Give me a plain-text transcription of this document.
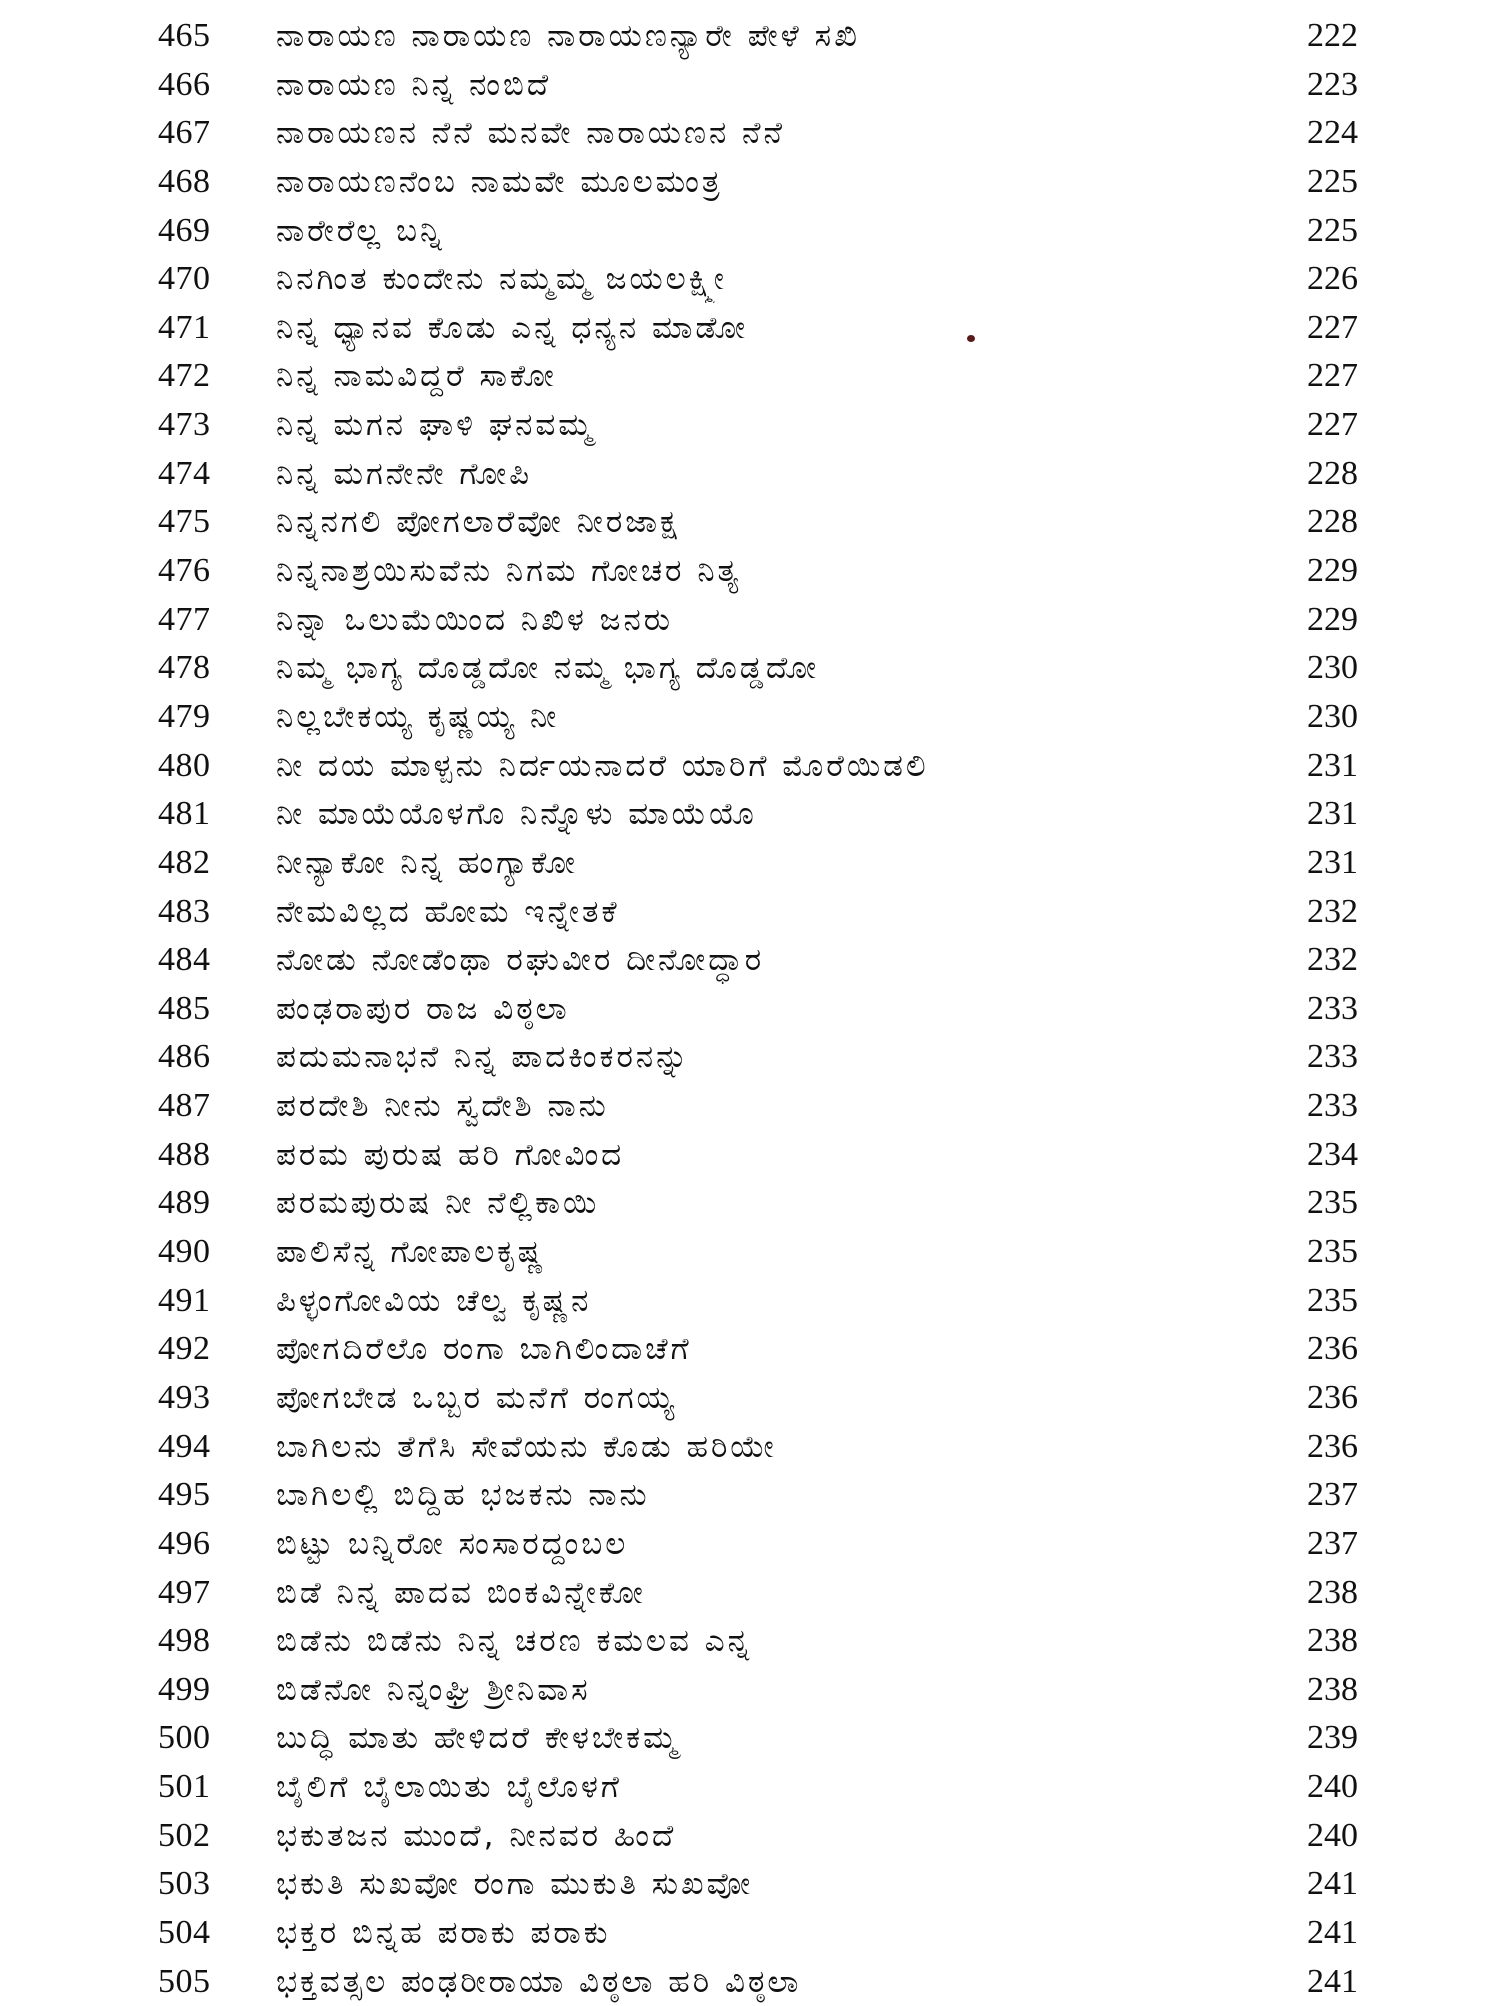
465	ನಾರಾಯಣ ನಾರಾಯಣ ನಾರಾಯಣನ್ಯಾರೇ ಪೇಳೆ ಸಖಿ	222
466	ನಾರಾಯಣ ನಿನ್ನ ನಂಬಿದೆ	223
467	ನಾರಾಯಣನ ನೆನೆ ಮನವೇ ನಾರಾಯಣನ ನೆನೆ	224
468	ನಾರಾಯಣನೆಂಬ ನಾಮವೇ ಮೂಲಮಂತ್ರ	225
469	ನಾರೇರೆಲ್ಲ ಬನ್ನಿ	225
470	ನಿನಗಿಂತ ಕುಂದೇನು ನಮ್ಮಮ್ಮ ಜಯಲಕ್ಷ್ಮೀ	226
471	ನಿನ್ನ ಧ್ಯಾನವ ಕೊಡು ಎನ್ನ ಧನ್ಯನ ಮಾಡೋ	227
472	ನಿನ್ನ ನಾಮವಿದ್ದರೆ ಸಾಕೋ	227
473	ನಿನ್ನ ಮಗನ ಘಾಳಿ ಘನವಮ್ಮ	227
474	ನಿನ್ನ ಮಗನೇನೇ ಗೋಪಿ	228
475	ನಿನ್ನನಗಲಿ ಪೋಗಲಾರೆವೋ ನೀರಜಾಕ್ಷ	228
476	ನಿನ್ನನಾಶ್ರಯಿಸುವೆನು ನಿಗಮ ಗೋಚರ ನಿತ್ಯ	229
477	ನಿನ್ನಾ ಒಲುಮೆಯಿಂದ ನಿಖಿಳ ಜನರು	229
478	ನಿಮ್ಮ ಭಾಗ್ಯ ದೊಡ್ಡದೋ ನಮ್ಮ ಭಾಗ್ಯ ದೊಡ್ಡದೋ	230
479	ನಿಲ್ಲಬೇಕಯ್ಯ ಕೃಷ್ಣಯ್ಯ ನೀ	230
480	ನೀ ದಯ ಮಾಳ್ಪನು ನಿರ್ದಯನಾದರೆ ಯಾರಿಗೆ ಮೊರೆಯಿಡಲಿ	231
481	ನೀ ಮಾಯೆಯೊಳಗೊ ನಿನ್ನೊಳು ಮಾಯೆಯೊ	231
482	ನೀನ್ಯಾಕೋ ನಿನ್ನ ಹಂಗ್ಯಾಕೋ	231
483	ನೇಮವಿಲ್ಲದ ಹೋಮ ಇನ್ನೇತಕೆ	232
484	ನೋಡು ನೋಡೆಂಥಾ ರಘುವೀರ ದೀನೋದ್ಧಾರ	232
485	ಪಂಢರಾಪುರ ರಾಜ ವಿಠ್ಠಲಾ	233
486	ಪದುಮನಾಭನೆ ನಿನ್ನ ಪಾದಕಿಂಕರನನ್ನು	233
487	ಪರದೇಶಿ ನೀನು ಸ್ವದೇಶಿ ನಾನು	233
488	ಪರಮ ಪುರುಷ ಹರಿ ಗೋವಿಂದ	234
489	ಪರಮಪುರುಷ ನೀ ನೆಲ್ಲಿಕಾಯಿ	235
490	ಪಾಲಿಸೆನ್ನ ಗೋಪಾಲಕೃಷ್ಣ	235
491	ಪಿಳ್ಳಂಗೋವಿಯ ಚೆಲ್ವ ಕೃಷ್ಣನ	235
492	ಪೋಗದಿರೆಲೊ ರಂಗಾ ಬಾಗಿಲಿಂದಾಚೆಗೆ	236
493	ಪೋಗಬೇಡ ಒಬ್ಬರ ಮನೆಗೆ ರಂಗಯ್ಯ	236
494	ಬಾಗಿಲನು ತೆಗೆಸಿ ಸೇವೆಯನು ಕೊಡು ಹರಿಯೇ	236
495	ಬಾಗಿಲಲ್ಲಿ ಬಿದ್ದಿಹ ಭಜಕನು ನಾನು	237
496	ಬಿಟ್ಟು ಬನ್ನಿರೋ ಸಂಸಾರದ್ದಂಬಲ	237
497	ಬಿಡೆ ನಿನ್ನ ಪಾದವ ಬಿಂಕವಿನ್ನೇಕೋ	238
498	ಬಿಡೆನು ಬಿಡೆನು ನಿನ್ನ ಚರಣ ಕಮಲವ ಎನ್ನ	238
499	ಬಿಡೆನೋ ನಿನ್ನಂಘ್ರಿ ಶ್ರೀನಿವಾಸ	238
500	ಬುದ್ಧಿ ಮಾತು ಹೇಳಿದರೆ ಕೇಳಬೇಕಮ್ಮ	239
501	ಬೈಲಿಗೆ ಬೈಲಾಯಿತು ಬೈಲೊಳಗೆ	240
502	ಭಕುತಜನ ಮುಂದೆ, ನೀನವರ ಹಿಂದೆ	240
503	ಭಕುತಿ ಸುಖವೋ ರಂಗಾ ಮುಕುತಿ ಸುಖವೋ	241
504	ಭಕ್ತರ ಬಿನ್ನಹ ಪರಾಕು ಪರಾಕು	241
505	ಭಕ್ತವತ್ಸಲ ಪಂಢರೀರಾಯಾ ವಿಠ್ಠಲಾ ಹರಿ ವಿಠ್ಠಲಾ	241
